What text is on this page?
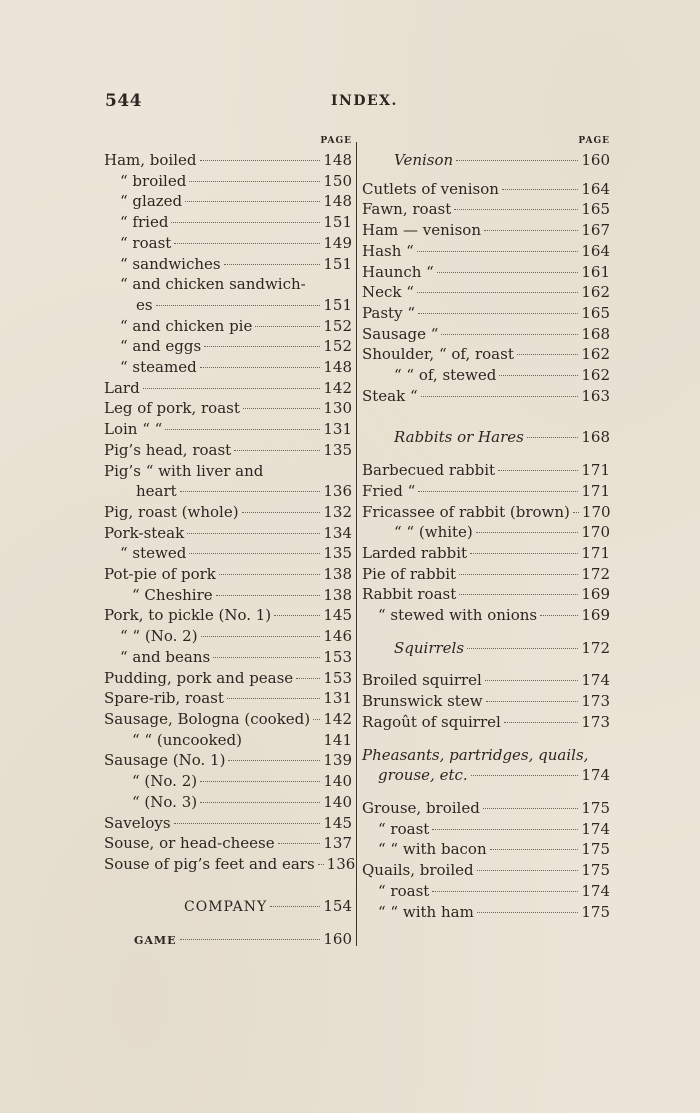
544	INDEX.
PAGE
Ham, boiled	148
“ broiled	150
“ glazed	148
“ fried	151
“ roast	149
“ sandwiches	151
“ and chicken sandwich-
es	151
“ and chicken pie	152
“ and eggs	152
“ steamed	148
Lard	142
Leg of pork, roast	130
Loin “ “	131
Pig’s head, roast	135
Pig’s “ with liver and
heart	136
Pig, roast (whole)	132
Pork-steak	134
“ stewed	135
Pot-pie of pork	138
“ Cheshire	138
Pork, to pickle (No. 1)	145
“ “ (No. 2)	146
“ and beans	153
Pudding, pork and pease 153
Spare-rib, roast	131
Sausage, Bologna (cooked) 142
“ “ (uncooked)	141
Sausage (No. 1)	139
“ (No. 2)	140
“ (No. 3)	140
Saveloys	145
Souse, or head-cheese	137
Souse of pig’s feet and ears 136
COMPANY	154
GAME	160
PAGE
Venison	160
Cutlets of venison	164
Fawn, roast	165
Ham — venison	167
Hash “	164
Haunch “	161
Neck “	162
Pasty “	165
Sausage “	168
Shoulder, “ of, roast	162
“ “ of, stewed	162
Steak “	163
Rabbits or Hares	168
Barbecued rabbit	171
Fried “	171
Fricassee of rabbit (brown) 170
“ “ (white)	170
Larded rabbit	171
Pie of rabbit	172
Rabbit roast	169
“ stewed with onions	169
Squirrels	172
Broiled squirrel	174
Brunswick stew	173
Ragoût of squirrel	173
Pheasants, partridges, quails,
grouse, etc.	174
Grouse, broiled	175
“ roast	174
“ “ with bacon	175
Quails, broiled	175
“ roast	174
“ “ with ham	175
